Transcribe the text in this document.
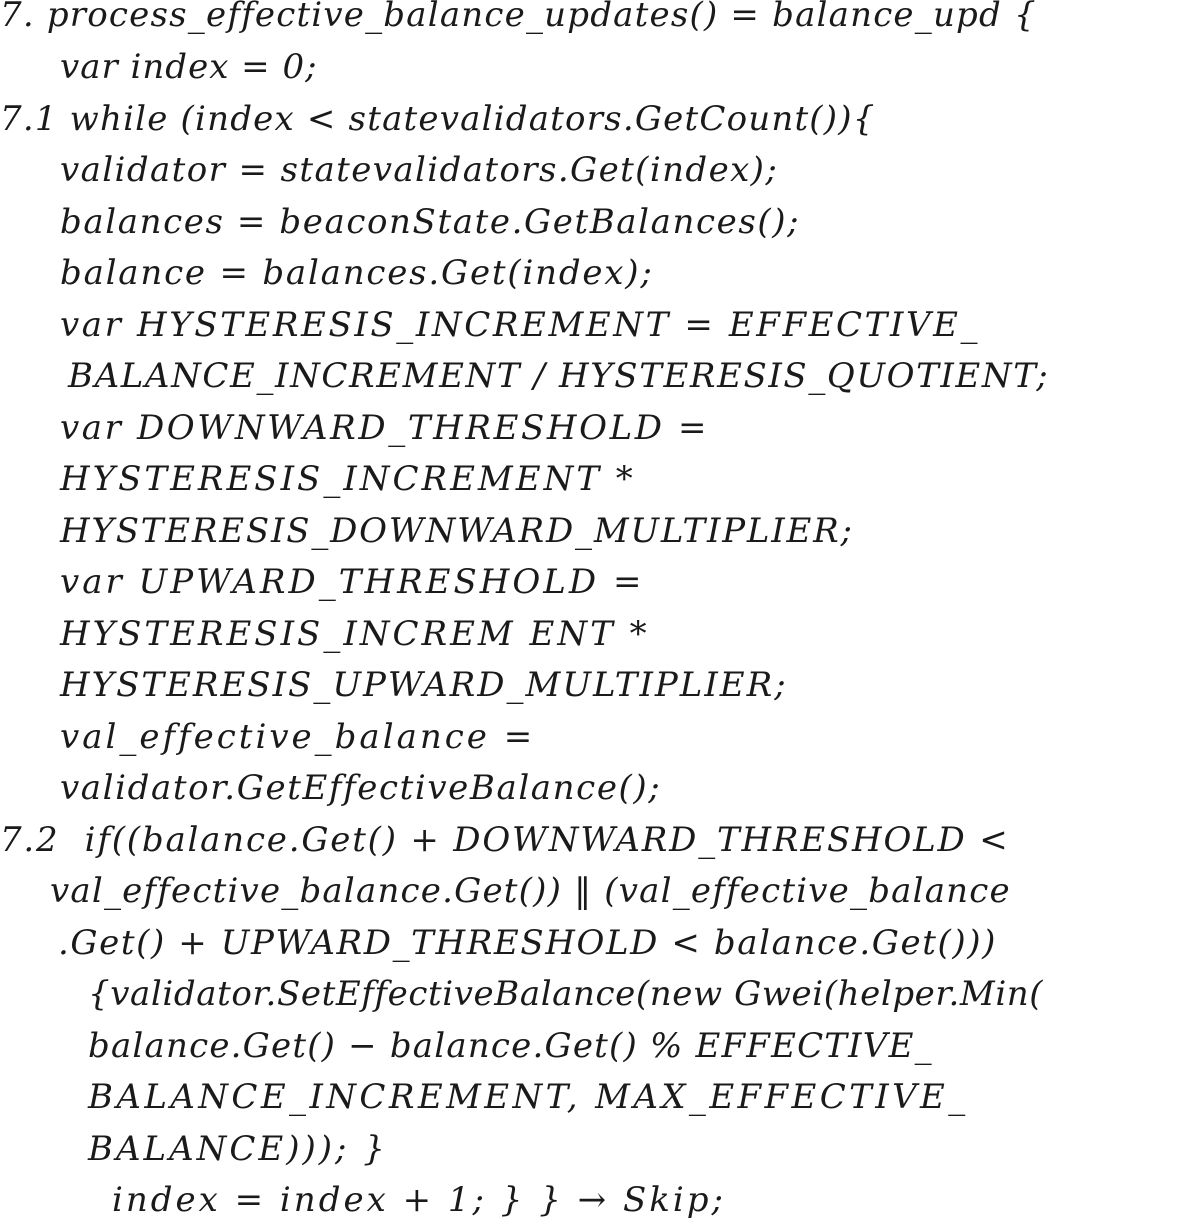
7. process_effective_balance_updates() = balance_upd {
var index = 0;
7.1 while (index < statevalidators.GetCount()){
validator = statevalidators.Get(index);
balances = beaconState.GetBalances();
balance = balances.Get(index);
var HYSTERESIS_INCREMENT = EFFECTIVE_
BALANCE_INCREMENT / HYSTERESIS_QUOTIENT;
var DOWNWARD_THRESHOLD =
HYSTERESIS_INCREMENT *
HYSTERESIS_DOWNWARD_MULTIPLIER;
var UPWARD_THRESHOLD =
HYSTERESIS_INCREM ENT *
HYSTERESIS_UPWARD_MULTIPLIER;
val_effective_balance =
validator.GetEffectiveBalance();
7.2  if((balance.Get() + DOWNWARD_THRESHOLD <
val_effective_balance.Get()) ‖ (val_effective_balance
.Get() + UPWARD_THRESHOLD < balance.Get()))
{validator.SetEffectiveBalance(new Gwei(helper.Min(
balance.Get() − balance.Get() % EFFECTIVE_
BALANCE_INCREMENT, MAX_EFFECTIVE_
BALANCE))); }
index = index + 1; } } → Skip;
